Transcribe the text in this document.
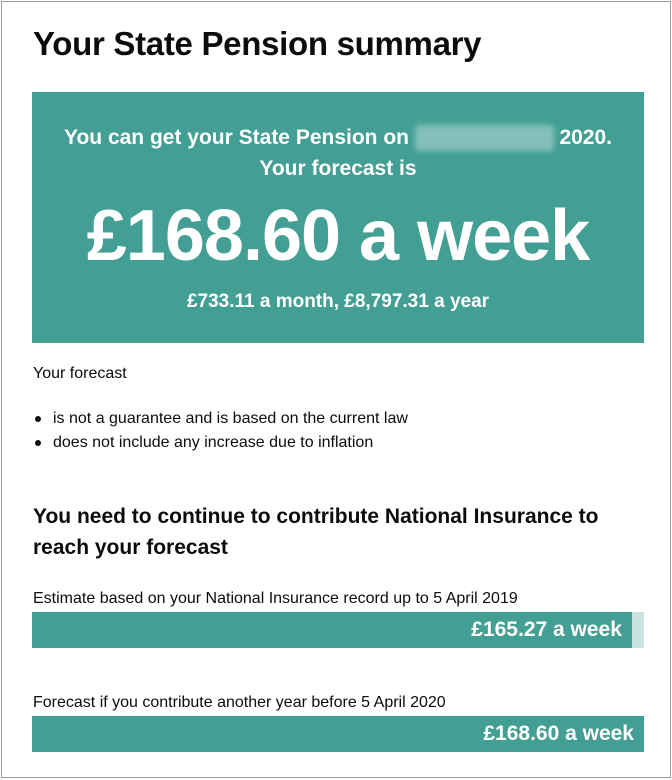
Your State Pension summary
You can get your State Pension on	2020.
Your forecast is
£168.60 a week
£733.11 a month, £8,797.31 a year

Your forecast

is not a guarantee and is based on the current law
does not include any increase due to inflation
You need to continue to contribute National Insurance to reach your forecast

Estimate based on your National Insurance record up to 5 April 2019

£165.27 a week

Forecast if you contribute another year before 5 April 2020

£168.60 a week
